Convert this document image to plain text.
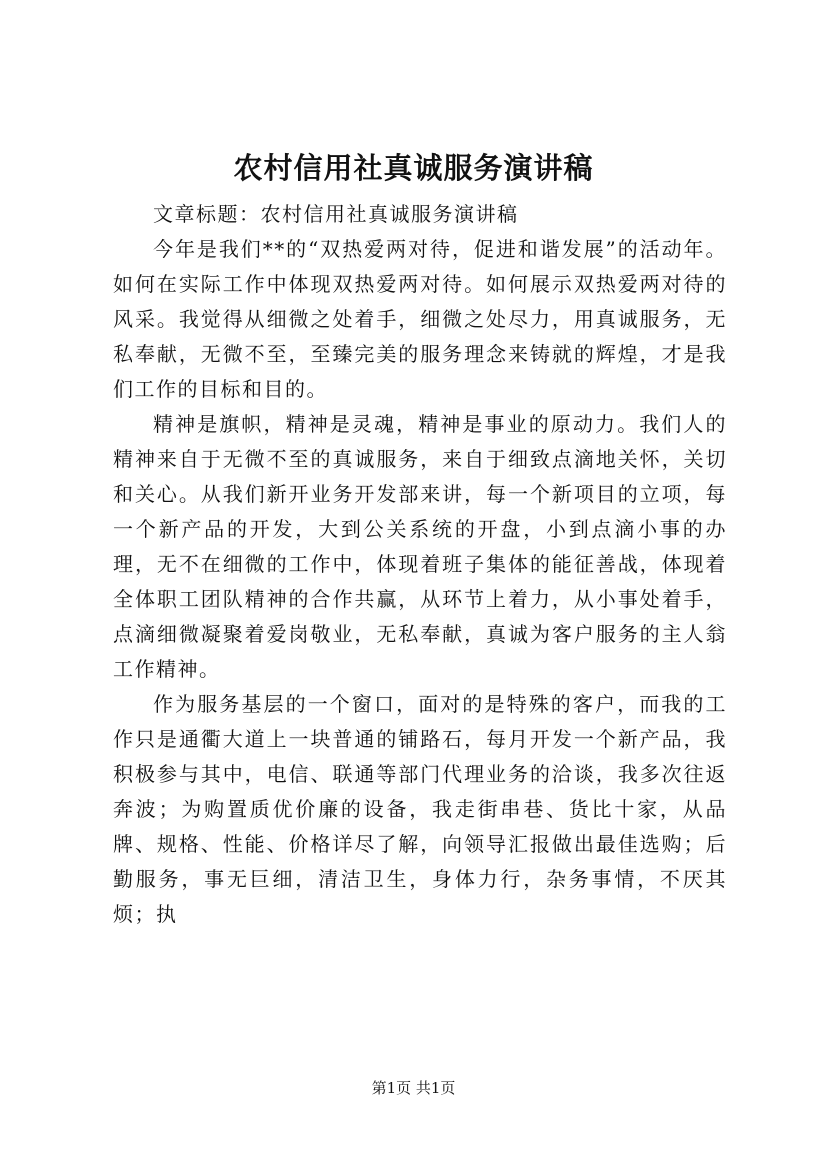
农村信用社真诚服务演讲稿

文章标题：农村信用社真诚服务演讲稿

今年是我们**的“双热爱两对待，促进和谐发展”的活动年。如何在实际工作中体现双热爱两对待。如何展示双热爱两对待的风采。我觉得从细微之处着手，细微之处尽力，用真诚服务，无私奉献，无微不至，至臻完美的服务理念来铸就的辉煌，才是我们工作的目标和目的。

精神是旗帜，精神是灵魂，精神是事业的原动力。我们人的精神来自于无微不至的真诚服务，来自于细致点滴地关怀，关切和关心。从我们新开业务开发部来讲，每一个新项目的立项，每一个新产品的开发，大到公关系统的开盘，小到点滴小事的办理，无不在细微的工作中，体现着班子集体的能征善战，体现着全体职工团队精神的合作共赢，从环节上着力，从小事处着手，点滴细微凝聚着爱岗敬业，无私奉献，真诚为客户服务的主人翁工作精神。

作为服务基层的一个窗口，面对的是特殊的客户，而我的工作只是通衢大道上一块普通的铺路石，每月开发一个新产品，我积极参与其中，电信、联通等部门代理业务的洽谈，我多次往返奔波；为购置质优价廉的设备，我走街串巷、货比十家，从品牌、规格、性能、价格详尽了解，向领导汇报做出最佳选购；后勤服务，事无巨细，清洁卫生，身体力行，杂务事情，不厌其烦；执

第1页 共1页
